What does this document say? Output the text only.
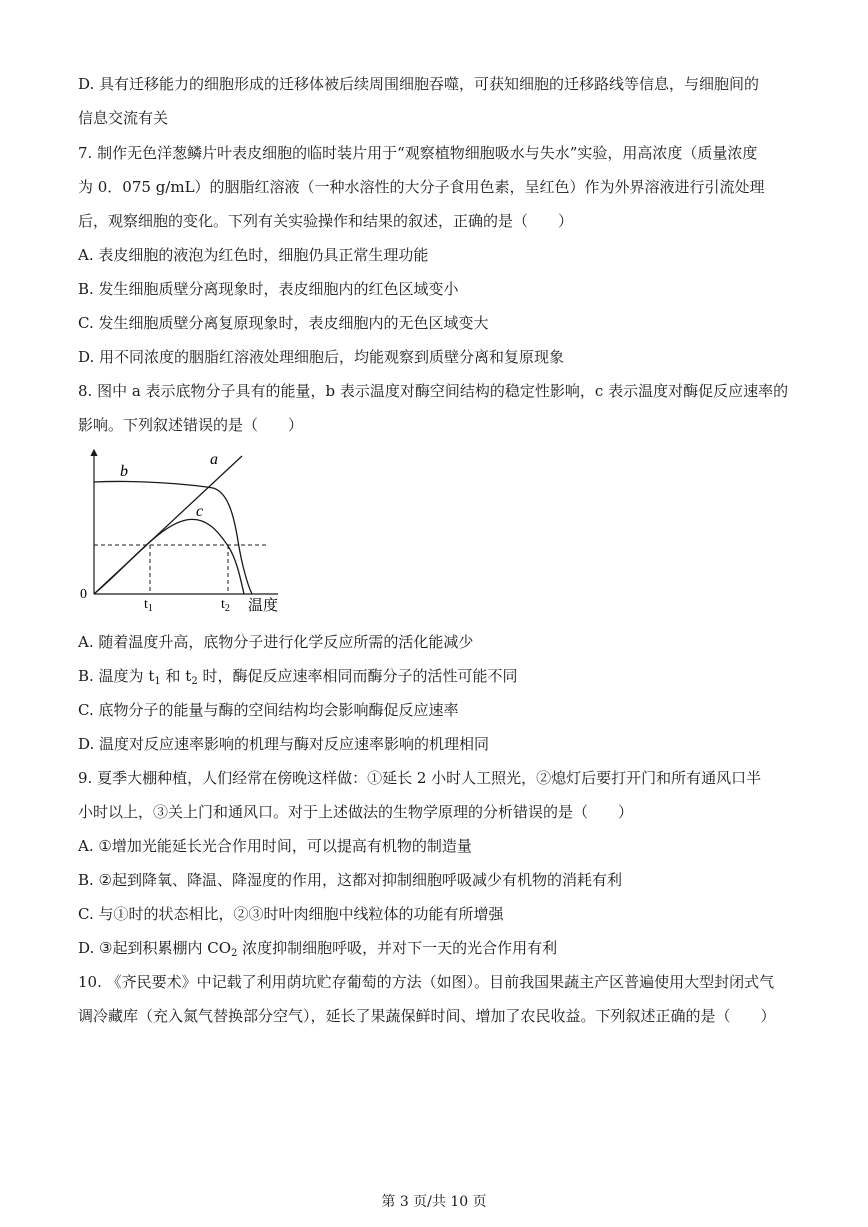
D. 具有迁移能力的细胞形成的迁移体被后续周围细胞吞噬，可获知细胞的迁移路线等信息，与细胞间的
信息交流有关
7. 制作无色洋葱鳞片叶表皮细胞的临时装片用于“观察植物细胞吸水与失水”实验，用高浓度（质量浓度
为 0．075 g/mL）的胭脂红溶液（一种水溶性的大分子食用色素，呈红色）作为外界溶液进行引流处理
后，观察细胞的变化。下列有关实验操作和结果的叙述，正确的是（　　）
A. 表皮细胞的液泡为红色时，细胞仍具正常生理功能
B. 发生细胞质壁分离现象时，表皮细胞内的红色区域变小
C. 发生细胞质壁分离复原现象时，表皮细胞内的无色区域变大
D. 用不同浓度的胭脂红溶液处理细胞后，均能观察到质壁分离和复原现象
8. 图中 a 表示底物分子具有的能量，b 表示温度对酶空间结构的稳定性影响，c 表示温度对酶促反应速率的
影响。下列叙述错误的是（　　）
b
a
c
0
$t_1$	$t_2$ 温度
A. 随着温度升高，底物分子进行化学反应所需的活化能减少
B. 温度为 $t_1$ 和 $t_2$ 时，酶促反应速率相同而酶分子的活性可能不同
C. 底物分子的能量与酶的空间结构均会影响酶促反应速率
D. 温度对反应速率影响的机理与酶对反应速率影响的机理相同
9. 夏季大棚种植，人们经常在傍晚这样做：①延长 2 小时人工照光，②熄灯后要打开门和所有通风口半
小时以上，③关上门和通风口。对于上述做法的生物学原理的分析错误的是（　　）
A. ①增加光能延长光合作用时间，可以提高有机物的制造量
B. ②起到降氧、降温、降湿度的作用，这都对抑制细胞呼吸减少有机物的消耗有利
C. 与①时的状态相比，②③时叶肉细胞中线粒体的功能有所增强
D. ③起到积累棚内 $CO_2$ 浓度抑制细胞呼吸，并对下一天的光合作用有利
10. 《齐民要术》中记载了利用荫坑贮存葡萄的方法（如图）。目前我国果蔬主产区普遍使用大型封闭式气
调冷藏库（充入氮气替换部分空气），延长了果蔬保鲜时间、增加了农民收益。下列叙述正确的是（　　）
第 3 页/共 10 页
